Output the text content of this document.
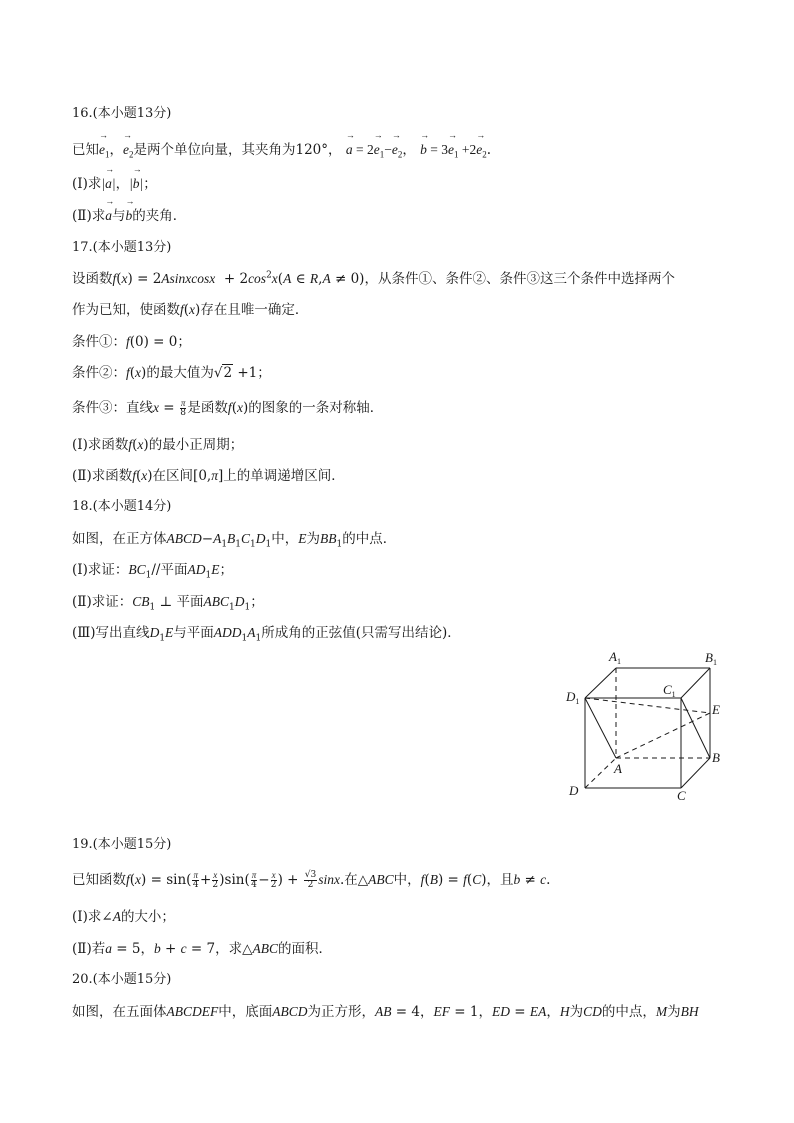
16.(本小题13分)
已知→ $e_1$，→ $e_2$是两个单位向量，其夹角为120°， → $a = 2\to e_1-\to e_2$， → $b = 3\to e_1 +2\to e_2$.
(Ⅰ)求|→ a|，|→ b|；
(Ⅱ)求→ a与→ b的夹角．
17.(本小题13分)
设函数f(x) = 2Asinxcosx  + $2\cos^2x(A$ ∈ R,A ≠ 0)，从条件①、条件②、条件③这三个条件中选择两个
作为已知，使函数f(x)存在且唯一确定．
条件①：f(0) = 0；
条件②：f(x)的最大值为√2 +1；
条件③：直线$x = \frac{\pi}{8}$ 是函数f(x)的图象的一条对称轴．
(Ⅰ)求函数f(x)的最小正周期；
(Ⅱ)求函数f(x)在区间[0,π]上的单调递增区间．
18.(本小题14分)
如图，在正方体$ABCD-A_1B_1C_1D_1$中，E为$BB_1$的中点．
(Ⅰ)求证：$BC_1//$平面$AD_1E$；
(Ⅱ)求证：$CB_1$ ⊥ 平面$ABC_1D_1$；
(Ⅲ)写出直线$D_1E$与平面$ADD_1A_1$所成角的正弦值(只需写出结论)．
$A_1$	$B_1$
$C_1$
$D_1$
E
B
A
D	C
19.(本小题15分)
已知函数$f(x) = \sin( \frac{\pi}{4} + \frac{x}{2} )\sin( \frac{\pi}{4} - \frac{x}{2}$ ) + $\frac{√3}{2} \sin x$.在△ABC中，f(B) = f(C)，且b ≠ c.
(Ⅰ)求∠A的大小；
(Ⅱ)若a = 5，b + c = 7，求△ABC的面积．
20.(本小题15分)
如图，在五面体ABCDEF中，底面ABCD为正方形，AB = 4，EF = 1，ED = EA，H为CD的中点，M为BH
